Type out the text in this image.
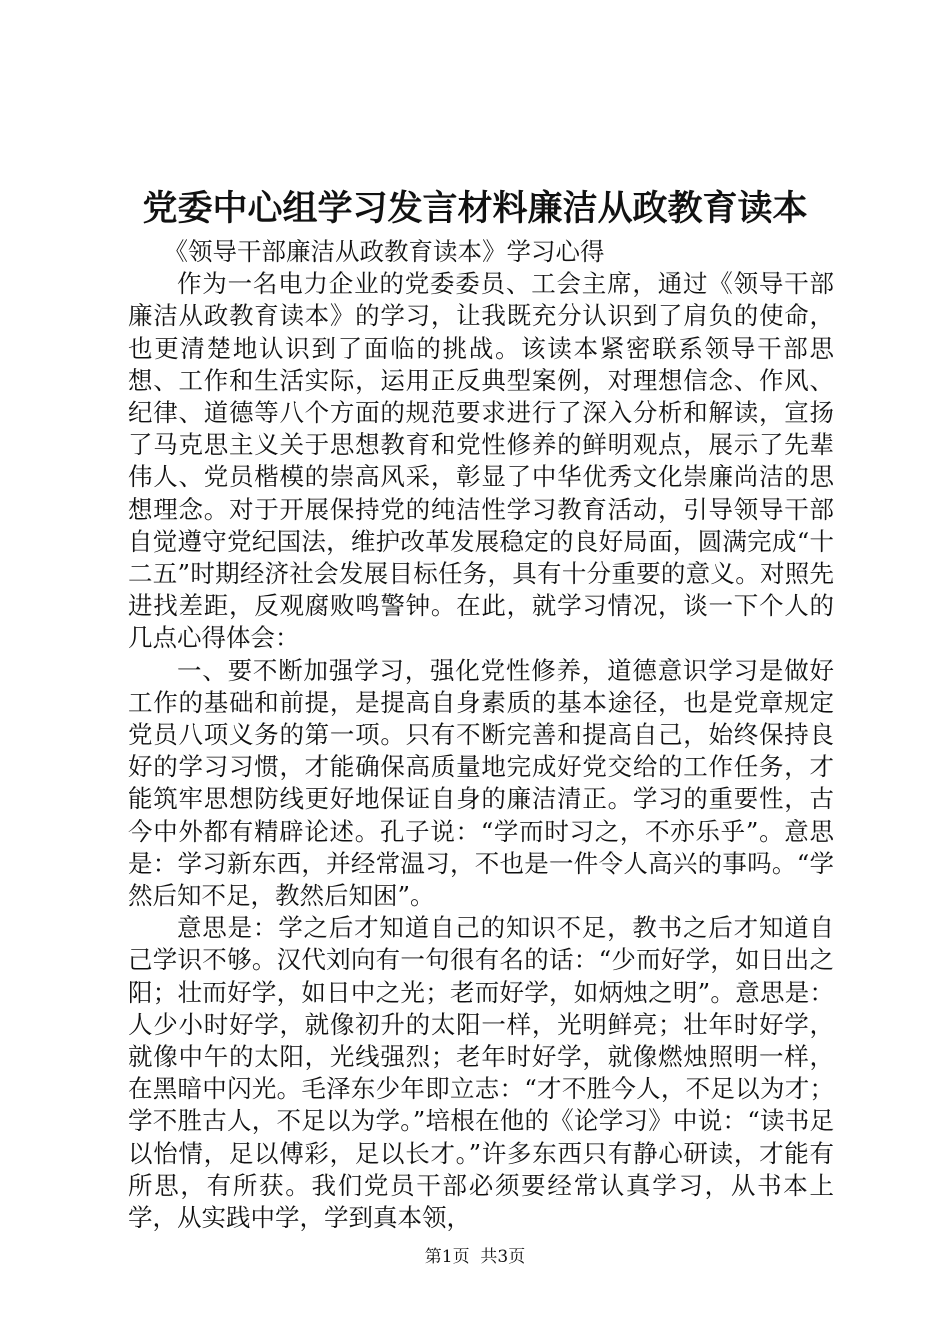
党委中心组学习发言材料廉洁从政教育读本

《领导干部廉洁从政教育读本》学习心得

作为一名电力企业的党委委员、工会主席，通过《领导干部廉洁从政教育读本》的学习，让我既充分认识到了肩负的使命，也更清楚地认识到了面临的挑战。该读本紧密联系领导干部思想、工作和生活实际，运用正反典型案例，对理想信念、作风、纪律、道德等八个方面的规范要求进行了深入分析和解读，宣扬了马克思主义关于思想教育和党性修养的鲜明观点，展示了先辈伟人、党员楷模的崇高风采，彰显了中华优秀文化崇廉尚洁的思想理念。对于开展保持党的纯洁性学习教育活动，引导领导干部自觉遵守党纪国法，维护改革发展稳定的良好局面，圆满完成“十二五”时期经济社会发展目标任务，具有十分重要的意义。对照先进找差距，反观腐败鸣警钟。在此，就学习情况，谈一下个人的几点心得体会：

一、要不断加强学习，强化党性修养，道德意识学习是做好工作的基础和前提，是提高自身素质的基本途径，也是党章规定党员八项义务的第一项。只有不断完善和提高自己，始终保持良好的学习习惯，才能确保高质量地完成好党交给的工作任务，才能筑牢思想防线更好地保证自身的廉洁清正。学习的重要性，古今中外都有精辟论述。孔子说：“学而时习之，不亦乐乎”。意思是：学习新东西，并经常温习，不也是一件令人高兴的事吗。“学然后知不足，教然后知困”。

意思是：学之后才知道自己的知识不足，教书之后才知道自己学识不够。汉代刘向有一句很有名的话：“少而好学，如日出之阳；壮而好学，如日中之光；老而好学，如炳烛之明”。意思是：人少小时好学，就像初升的太阳一样，光明鲜亮；壮年时好学，就像中午的太阳，光线强烈；老年时好学，就像燃烛照明一样，在黑暗中闪光。毛泽东少年即立志：“才不胜今人，不足以为才；学不胜古人，不足以为学。”培根在他的《论学习》中说：“读书足以怡情，足以傅彩，足以长才。”许多东西只有静心研读，才能有所思，有所获。我们党员干部必须要经常认真学习，从书本上学，从实践中学，学到真本领，

第1页 共3页
